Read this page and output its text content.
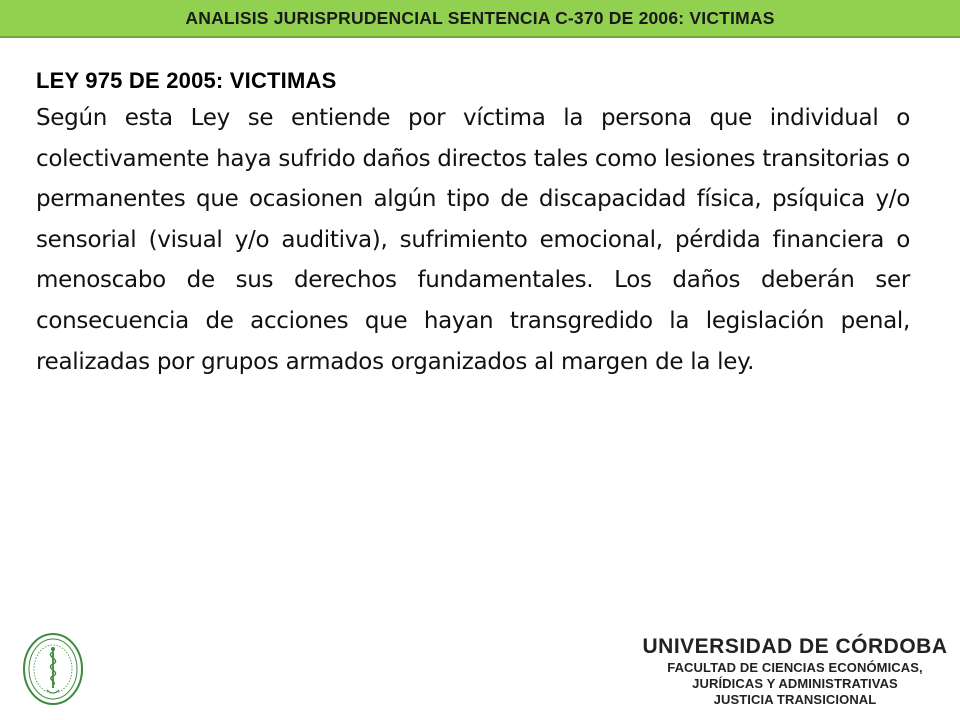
ANALISIS JURISPRUDENCIAL SENTENCIA C-370 DE 2006: VICTIMAS
LEY 975 DE 2005: VICTIMAS

Según esta Ley se entiende por víctima la persona que individual o colectivamente haya sufrido daños directos tales como lesiones transitorias o permanentes que ocasionen algún tipo de discapacidad física, psíquica y/o sensorial (visual y/o auditiva), sufrimiento emocional, pérdida financiera o menoscabo de sus derechos fundamentales. Los daños deberán ser consecuencia de acciones que hayan transgredido la legislación penal, realizadas por grupos armados organizados al margen de la ley.

UNIVERSIDAD DE CÓRDOBA
FACULTAD DE CIENCIAS ECONÓMICAS,
JURÍDICAS Y ADMINISTRATIVAS
JUSTICIA TRANSICIONAL
